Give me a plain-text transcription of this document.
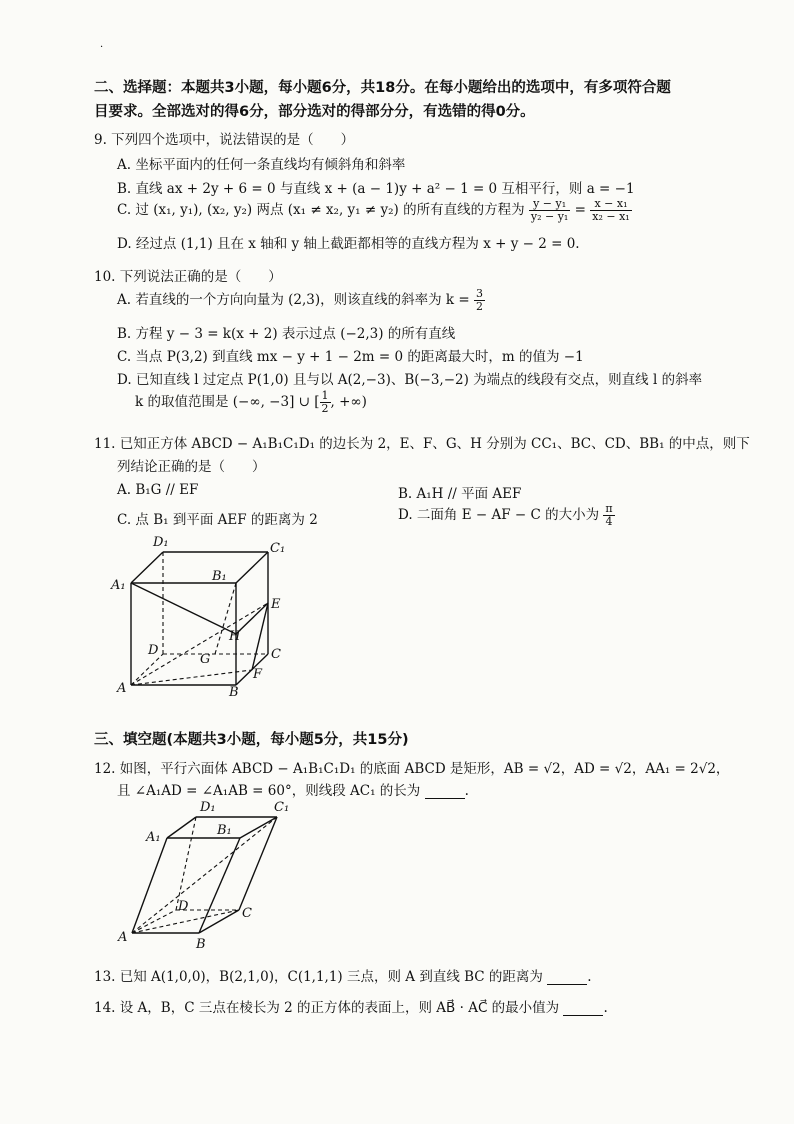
·
二、选择题：本题共3小题，每小题6分，共18分。在每小题给出的选项中，有多项符合题
目要求。全部选对的得6分，部分选对的得部分分，有选错的得0分。
9. 下列四个选项中，说法错误的是（　　）
A. 坐标平面内的任何一条直线均有倾斜角和斜率
B. 直线 ax + 2y + 6 = 0 与直线 x + (a − 1)y + a² − 1 = 0 互相平行，则 a = −1
C. 过 (x₁, y₁), (x₂, y₂) 两点 (x₁ ≠ x₂, y₁ ≠ y₂) 的所有直线的方程为 $\frac{\text{y − y₁}}{\text{y₂ − y₁}} = \frac{\text{x − x₁}}{\text{x₂ − x₁}}$
D. 经过点 (1,1) 且在 x 轴和 y 轴上截距都相等的直线方程为 x + y − 2 = 0.
10. 下列说法正确的是（　　）
A. 若直线的一个方向向量为 (2,3)，则该直线的斜率为 $k = \frac{3}{2}$
B. 方程 y − 3 = k(x + 2) 表示过点 (−2,3) 的所有直线
C. 当点 P(3,2) 到直线 mx − y + 1 − 2m = 0 的距离最大时，m 的值为 −1
D. 已知直线 l 过定点 P(1,0) 且与以 A(2,−3)、B(−3,−2) 为端点的线段有交点，则直线 l 的斜率
k 的取值范围是 (−∞, −3] ∪ [ $\frac{1}{2}$ , +∞)
11. 已知正方体 ABCD − A₁B₁C₁D₁ 的边长为 2，E、F、G、H 分别为 CC₁、BC、CD、BB₁ 的中点，则下
列结论正确的是（　　）
A. B₁G // EF	B. A₁H // 平面 AEF
C. 点 B₁ 到平面 AEF 的距离为 2	D. 二面角 E − AF − C 的大小为 $\frac{\pi}{4}$
D₁	C₁
A₁
B₁
E
H
D
G	C
F
A	B
三、填空题(本题共3小题，每小题5分，共15分)
12. 如图，平行六面体 ABCD − A₁B₁C₁D₁ 的底面 ABCD 是矩形，AB = √2，AD = √2，AA₁ = 2√2，
且 ∠A₁AD = ∠A₁AB = 60°，则线段 AC₁ 的长为	.
D₁	C₁
A₁	B₁
D	C
A	B
13. 已知 A(1,0,0)，B(2,1,0)，C(1,1,1) 三点，则 A 到直线 BC 的距离为	.
14. 设 A，B，C 三点在棱长为 2 的正方体的表面上，则 AB⃗ · AC⃗ 的最小值为	.
